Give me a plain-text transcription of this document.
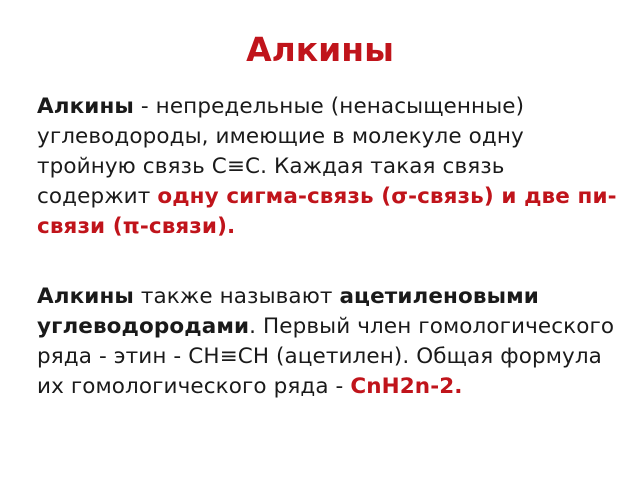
Алкины
Алкины - непредельные (ненасыщенные) углеводороды, имеющие в молекуле одну тройную связь С≡С. Каждая такая связь содержит одну сигма-связь (σ-связь) и две пи-связи (π-связи).
Алкины также называют ацетиленовыми углеводородами. Первый член гомологического ряда - этин - СН≡СН (ацетилен). Общая формула их гомологического ряда - CnH2n-2.
